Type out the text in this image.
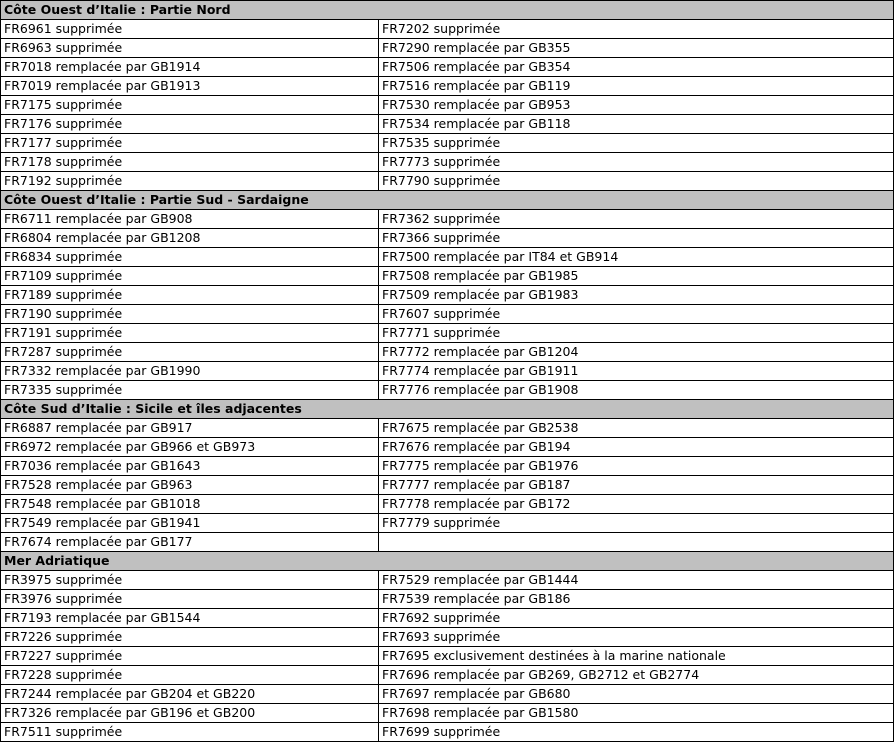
Côte Ouest d’Italie : Partie Nord	
FR6961 supprimée	FR7202 supprimée
FR6963 supprimée	FR7290 remplacée par GB355
FR7018 remplacée par GB1914	FR7506 remplacée par GB354
FR7019 remplacée par GB1913	FR7516 remplacée par GB119
FR7175 supprimée	FR7530 remplacée par GB953
FR7176 supprimée	FR7534 remplacée par GB118
FR7177 supprimée	FR7535 supprimée
FR7178 supprimée	FR7773 supprimée
FR7192 supprimée	FR7790 supprimée
Côte Ouest d’Italie : Partie Sud - Sardaigne	
FR6711 remplacée par GB908	FR7362 supprimée
FR6804 remplacée par GB1208	FR7366 supprimée
FR6834 supprimée	FR7500 remplacée par IT84 et GB914
FR7109 supprimée	FR7508 remplacée par GB1985
FR7189 supprimée	FR7509 remplacée par GB1983
FR7190 supprimée	FR7607 supprimée
FR7191 supprimée	FR7771 supprimée
FR7287 supprimée	FR7772 remplacée par GB1204
FR7332 remplacée par GB1990	FR7774 remplacée par GB1911
FR7335 supprimée	FR7776 remplacée par GB1908
Côte Sud d’Italie : Sicile et îles adjacentes	
FR6887 remplacée par GB917	FR7675 remplacée par GB2538
FR6972 remplacée par GB966 et GB973	FR7676 remplacée par GB194
FR7036 remplacée par GB1643	FR7775 remplacée par GB1976
FR7528 remplacée par GB963	FR7777 remplacée par GB187
FR7548 remplacée par GB1018	FR7778 remplacée par GB172
FR7549 remplacée par GB1941	FR7779 supprimée
FR7674 remplacée par GB177	
Mer Adriatique	
FR3975 supprimée	FR7529 remplacée par GB1444
FR3976 supprimée	FR7539 remplacée par GB186
FR7193 remplacée par GB1544	FR7692 supprimée
FR7226 supprimée	FR7693 supprimée
FR7227 supprimée	FR7695 exclusivement destinées à la marine nationale
FR7228 supprimée	FR7696 remplacée par GB269, GB2712 et GB2774
FR7244 remplacée par GB204 et GB220	FR7697 remplacée par GB680
FR7326 remplacée par GB196 et GB200	FR7698 remplacée par GB1580
FR7511 supprimée	FR7699 supprimée
